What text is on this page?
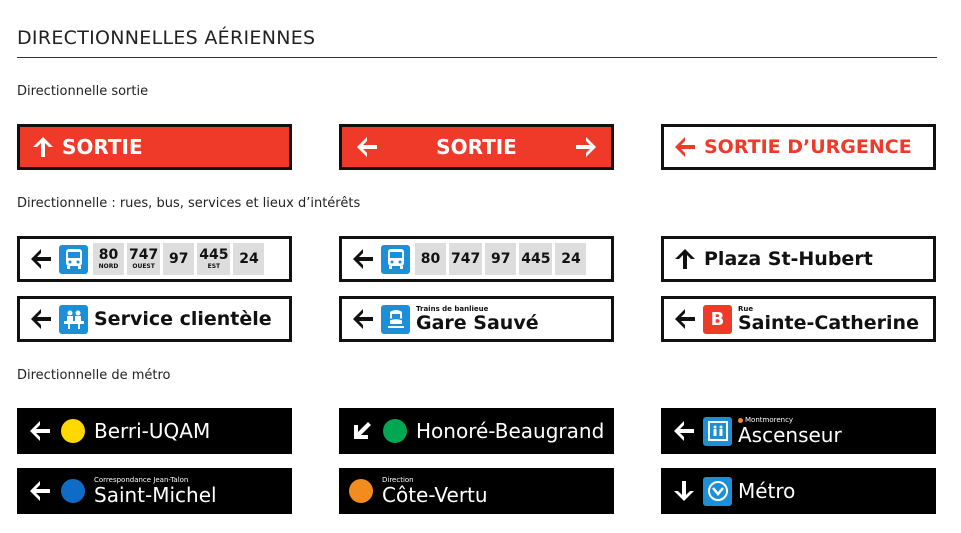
DIRECTIONNELLES AÉRIENNES
Directionnelle sortie
Directionnelle : rues, bus, services et lieux d’intérêts
Directionnelle de métro
SORTIE	SORTIE	SORTIE D’URGENCE
80
NORD
747
OUEST 97 445
EST 24	80 747 97 445 24	Plaza St-Hubert
Service clientèle	Trains de banlieue
Gare Sauvé	B	Rue
Sainte-Catherine
Berri-UQAM	Honoré-Beaugrand	Montmorency
Ascenseur
Correspondance Jean-Talon
Saint-Michel
Direction
Côte-Vertu	Métro
